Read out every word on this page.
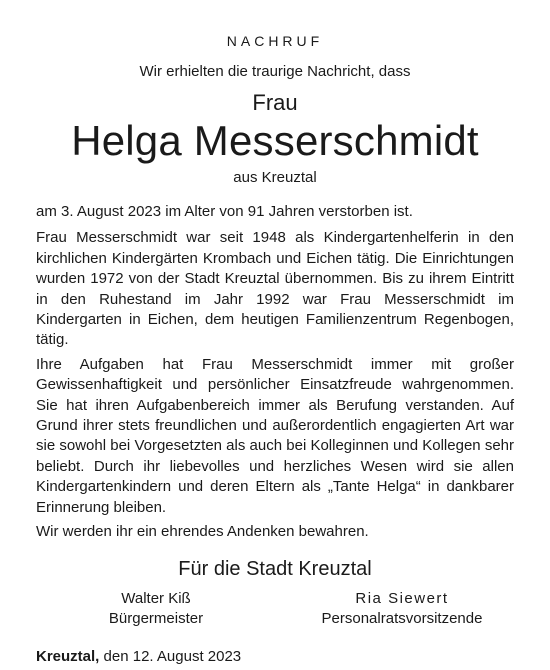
NACHRUF
Wir erhielten die traurige Nachricht, dass
Frau
Helga Messerschmidt
aus Kreuztal

am 3. August 2023 im Alter von 91 Jahren verstorben ist.

Frau Messerschmidt war seit 1948 als Kindergartenhelferin in den kirchlichen Kindergärten Krombach und Eichen tätig. Die Einrichtungen wurden 1972 von der Stadt Kreuztal übernommen. Bis zu ihrem Eintritt in den Ruhestand im Jahr 1992 war Frau Messerschmidt im Kindergarten in Eichen, dem heutigen Familienzentrum Regenbogen, tätig.

Ihre Aufgaben hat Frau Messerschmidt immer mit großer Gewissenhaftigkeit und persönlicher Einsatzfreude wahrgenommen. Sie hat ihren Aufgabenbereich immer als Berufung verstanden. Auf Grund ihrer stets freundlichen und außerordentlich engagierten Art war sie sowohl bei Vorgesetzten als auch bei Kolleginnen und Kollegen sehr beliebt. Durch ihr liebevolles und herzliches Wesen wird sie allen Kindergartenkindern und deren Eltern als „Tante Helga“ in dankbarer Erinnerung bleiben.

Wir werden ihr ein ehrendes Andenken bewahren.

Für die Stadt Kreuztal
Walter Kiß
Bürgermeister
Ria Siewert
Personalratsvorsitzende
Kreuztal, den 12. August 2023
